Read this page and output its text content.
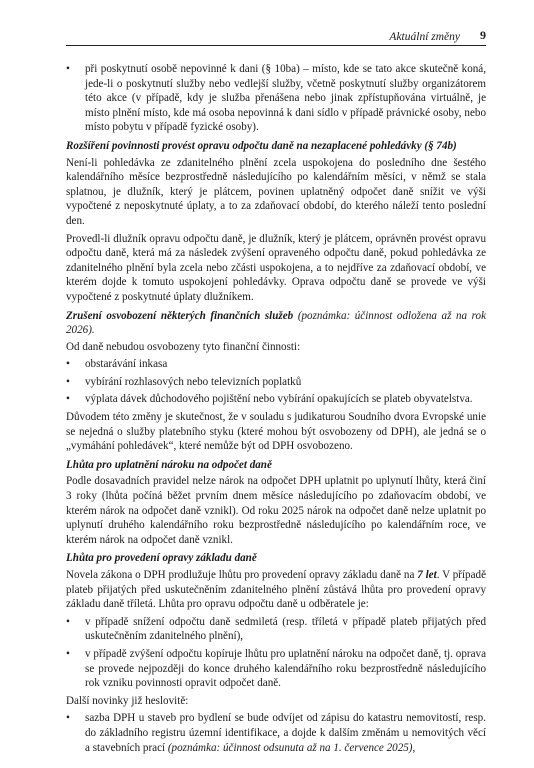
Aktuální změny 9
• při poskytnutí osobě nepovinné k dani (§ 10ba) – místo, kde se tato akce skutečně koná, jede-li o poskytnutí služby nebo vedlejší služby, včetně poskytnutí služby organizátorem této akce (v případě, kdy je služba přenášena nebo jinak zpřístupňována virtuálně, je místo plnění místo, kde má osoba nepovinná k dani sídlo v případě právnické osoby, nebo místo pobytu v případě fyzické osoby).
Rozšíření povinnosti provést opravu odpočtu daně na nezaplacené pohledávky (§ 74b)

Není-li pohledávka ze zdanitelného plnění zcela uspokojena do posledního dne šestého kalendářního měsíce bezprostředně následujícího po kalendářním měsíci, v němž se stala splatnou, je dlužník, který je plátcem, povinen uplatněný odpočet daně snížit ve výši vypočtené z neposkytnuté úplaty, a to za zdaňovací období, do kterého náleží tento poslední den.

Provedl-li dlužník opravu odpočtu daně, je dlužník, který je plátcem, oprávněn provést opravu odpočtu daně, která má za následek zvýšení opraveného odpočtu daně, pokud pohledávka ze zdanitelného plnění byla zcela nebo zčásti uspokojena, a to nejdříve za zdaňovací období, ve kterém dojde k tomuto uspokojení pohledávky. Oprava odpočtu daně se provede ve výši vypočtené z poskytnuté úplaty dlužníkem.

Zrušení osvobození některých finančních služeb (poznámka: účinnost odložena až na rok 2026).

Od daně nebudou osvobozeny tyto finanční činnosti:

• obstarávání inkasa
• vybírání rozhlasových nebo televizních poplatků
• výplata dávek důchodového pojištění nebo vybírání opakujících se plateb obyvatelstva.

Důvodem této změny je skutečnost, že v souladu s judikaturou Soudního dvora Evropské unie se nejedná o služby platebního styku (které mohou být osvobozeny od DPH), ale jedná se o „vymáhání pohledávek“, které nemůže být od DPH osvobozeno.

Lhůta pro uplatnění nároku na odpočet daně

Podle dosavadních pravidel nelze nárok na odpočet DPH uplatnit po uplynutí lhůty, která činí 3 roky (lhůta počíná běžet prvním dnem měsíce následujícího po zdaňovacím období, ve kterém nárok na odpočet daně vznikl). Od roku 2025 nárok na odpočet daně nelze uplatnit po uplynutí druhého kalendářního roku bezprostředně následujícího po kalendářním roce, ve kterém nárok na odpočet daně vznikl.

Lhůta pro provedení opravy základu daně

Novela zákona o DPH prodlužuje lhůtu pro provedení opravy základu daně na 7 let. V případě plateb přijatých před uskutečněním zdanitelného plnění zůstává lhůta pro provedení opravy základu daně tříletá. Lhůta pro opravu odpočtu daně u odběratele je:

• v případě snížení odpočtu daně sedmiletá (resp. tříletá v případě plateb přijatých před uskutečněním zdanitelného plnění),
• v případě zvýšení odpočtu kopíruje lhůtu pro uplatnění nároku na odpočet daně, tj. oprava se provede nejpozději do konce druhého kalendářního roku bezprostředně následujícího rok vzniku povinnosti opravit odpočet daně.

Další novinky již heslovitě:

• sazba DPH u staveb pro bydlení se bude odvíjet od zápisu do katastru nemovitostí, resp. do základního registru územní identifikace, a dojde k dalším změnám u nemovitých věcí a stavebních prací (poznámka: účinnost odsunuta až na 1. července 2025),
